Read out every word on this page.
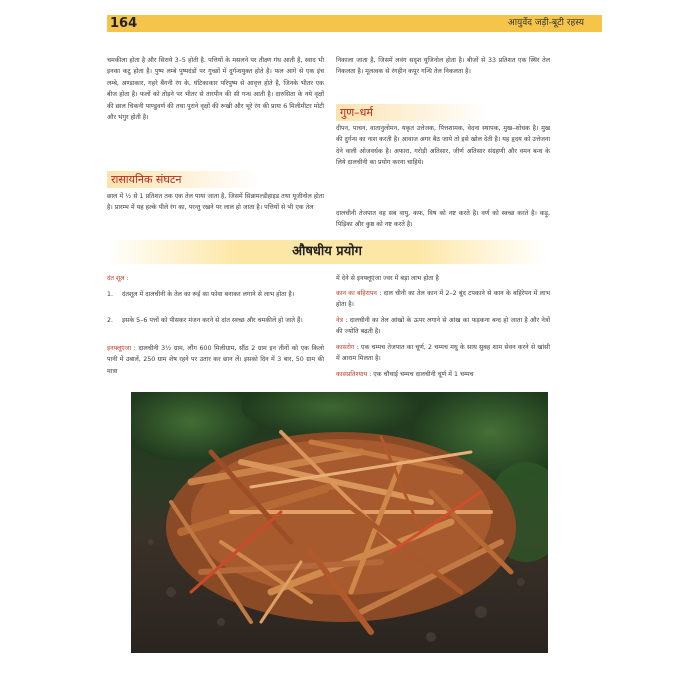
164	आयुर्वेद जड़ी-बूटी रहस्य

चमकीला होता है और सिराये 3–5 होती है. पत्तियों के मसलने पर तीक्ष्ण गंध आती है, स्वाद भी इनका कटु होता है। पुष्प लम्बे पुष्पदंडों पर गुच्छों में दुर्गन्धयुक्त होते है। फल आगे से एक इंच लम्बे, अण्डाकार, गहरे बैंगनी रंग के, घंटिकाकार परिपुष्प से आवृत्त होते है, जिनके भीतर एक बीज होता है। फलों को तोड़ने पर भीतर से तारपीन की सी गन्ध आती है। दारुसिता के नये वृक्षों की छाल चिकनी पाण्डुवर्ण की तथा पुराने वृक्षों की रूखी और भूरे रंग की प्रायः 6 मिलीमीटर मोटी और भंगुर होती है।

रासायनिक संघटन

छाल में ½ से 1 प्रतिशत तक एक तेल पाया जाता है, जिसमें सिन्नामल्डीहाइड तथा यूजीनोल होता है। प्रारम्भ में यह हल्के पीले रंग का, परन्तु रखने पर लाल हो जाता है। पत्तियों से भी एक तेल

निकाला जाता है, जिसमें लवंग सदृश यूजिनोल होता है। बीजों से 33 प्रतिशत एक स्थिर तेल निकलता है। मूलत्वक से रंगहीन कपूर गन्धि तेल निकलता है।

गुण–धर्म

दीपन, पाचन, वातानुलोमन, यकृत उत्तेजक, पित्तशामक, वेदना स्थापक, मुख–शोधक है। मुख की दुर्गन्ध का नाश करती है। आवाज अगर बैठ जाये तो इसे खोल देती है। यह हृदय को उत्तेजना देने वाली ओजवर्धक है। अफारा, गरोड़ी अतिसार, जीर्ण अतिसार संग्रहणी और वमन बन्ध के लिये दालचीनी का प्रयोग करना चाहिये।

दालचीनी तेजपात वह सब वायु, कफ, विष को नष्ट करते है। वर्ण को स्वच्छ करते है। कड़ू, पिड़िका और कुष्ठ को नष्ट करते है।

औषधीय प्रयोग
दंत शूल :
1. दंतशूल में दालचीनी के तेल का रूई का फोवा बनाकर लगाने से लाभ होता है।
2. इसके 5–6 पत्तों को पीसकर मंजन करने से दांत स्वच्छ और चमकीले हो जाते हैं।

इनफ्लूएंजा : दालचीनी 3½ ग्राम, लौंग 600 मिलीग्राम, सौंठ 2 ग्राम इन तीनों को एक किलो पानी में उबालें, 250 ग्राम शेष रहने पर उतार कर छान लें। इसको दिन में 3 बार, 50 ग्राम की मात्रा

में देने से इनफ्लूएंजा ज्वर में बड़ा लाभ होता है

कान का बहिरापन : दाल चीनी का तेल कान में 2–2 बूंद टपकाने से कान के बहिरेपन में लाभ होता है।

नेत्र : दालचीनी का तेल आंखों के ऊपर लगाने से आंख का फड़कना बन्द हो जाता है और नेत्रों की ज्योति बढ़ती है।

कासरोग : एक चम्मच तेजपात का चूर्ण, 2 चम्मच मधु के साथ सुबह शाम सेवन करने से खांसी में आराम मिलता है।

कासप्रतिश्याय : एक चौथाई चम्मच दालचीनी चूर्ण में 1 चम्मच
